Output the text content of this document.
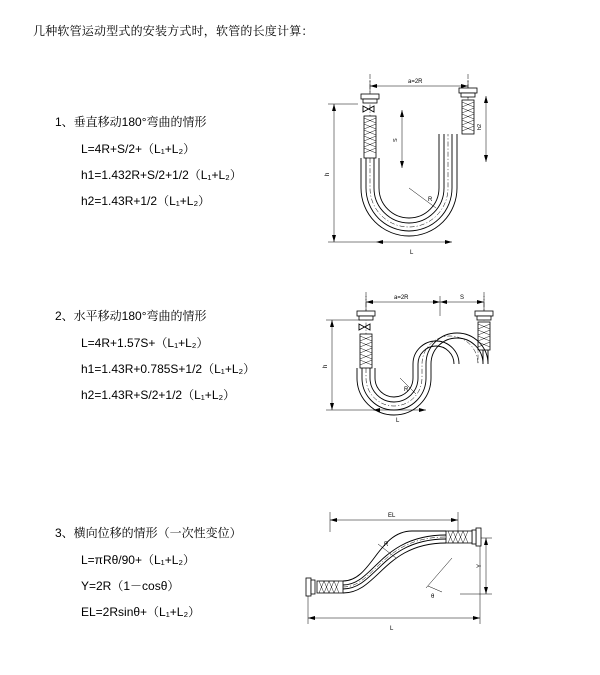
几种软管运动型式的安装方式时，软管的长度计算：
1、垂直移动180°弯曲的情形
L=4R+S/2+（L₁+L₂）
h1=1.432R+S/2+1/2（L₁+L₂）
h2=1.43R+1/2（L₁+L₂）
a=2R
h
S
h2
R
L
2、水平移动180°弯曲的情形
L=4R+1.57S+（L₁+L₂）
h1=1.43R+0.785S+1/2（L₁+L₂）
h2=1.43R+S/2+1/2（L₁+L₂）
a=2R	S
h
R
L
3、横向位移的情形（一次性变位）
L=πRθ/90+（L₁+L₂）
Y=2R（1－cosθ）
EL=2Rsinθ+（L₁+L₂）
EL
Y
R
θ
L
